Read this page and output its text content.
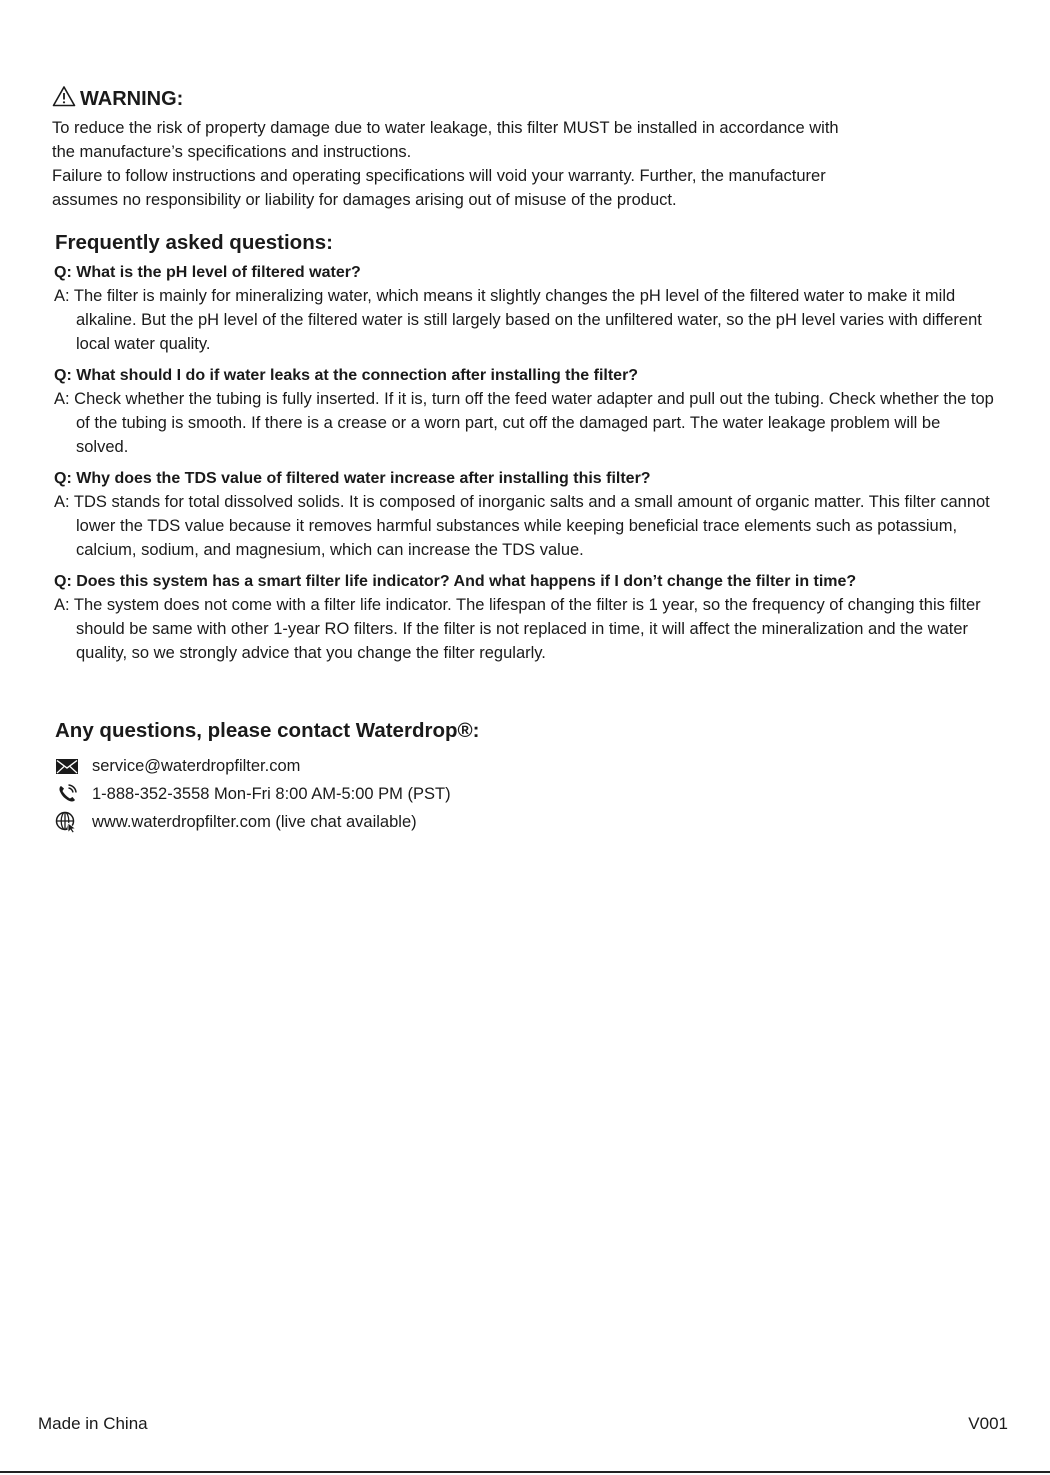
WARNING:

To reduce the risk of property damage due to water leakage, this filter MUST be installed in accordance with

the manufacture’s specifications and instructions.

Failure to follow instructions and operating specifications will void your warranty. Further, the manufacturer

assumes no responsibility or liability for damages arising out of misuse of the product.

Frequently asked questions:

Q: What is the pH level of filtered water?

A: The filter is mainly for mineralizing water, which means it slightly changes the pH level of the filtered water to make it mild alkaline. But the pH level of the filtered water is still largely based on the unfiltered water, so the pH level varies with different local water quality.

Q: What should I do if water leaks at the connection after installing the filter?

A: Check whether the tubing is fully inserted. If it is, turn off the feed water adapter and pull out the tubing. Check whether the top of the tubing is smooth. If there is a crease or a worn part, cut off the damaged part. The water leakage problem will be solved.

Q: Why does the TDS value of filtered water increase after installing this filter?

A: TDS stands for total dissolved solids. It is composed of inorganic salts and a small amount of organic matter. This filter cannot lower the TDS value because it removes harmful substances while keeping beneficial trace elements such as potassium, calcium, sodium, and magnesium, which can increase the TDS value.

Q: Does this system has a smart filter life indicator? And what happens if I don’t change the filter in time?

A: The system does not come with a filter life indicator. The lifespan of the filter is 1 year, so the frequency of changing this filter should be same with other 1-year RO filters. If the filter is not replaced in time, it will affect the mineralization and the water quality, so we strongly advice that you change the filter regularly.

Any questions, please contact Waterdrop®:
service@waterdropfilter.com
1-888-352-3558 Mon-Fri 8:00 AM-5:00 PM (PST)
www.waterdropfilter.com (live chat available)
Made in China	V001
